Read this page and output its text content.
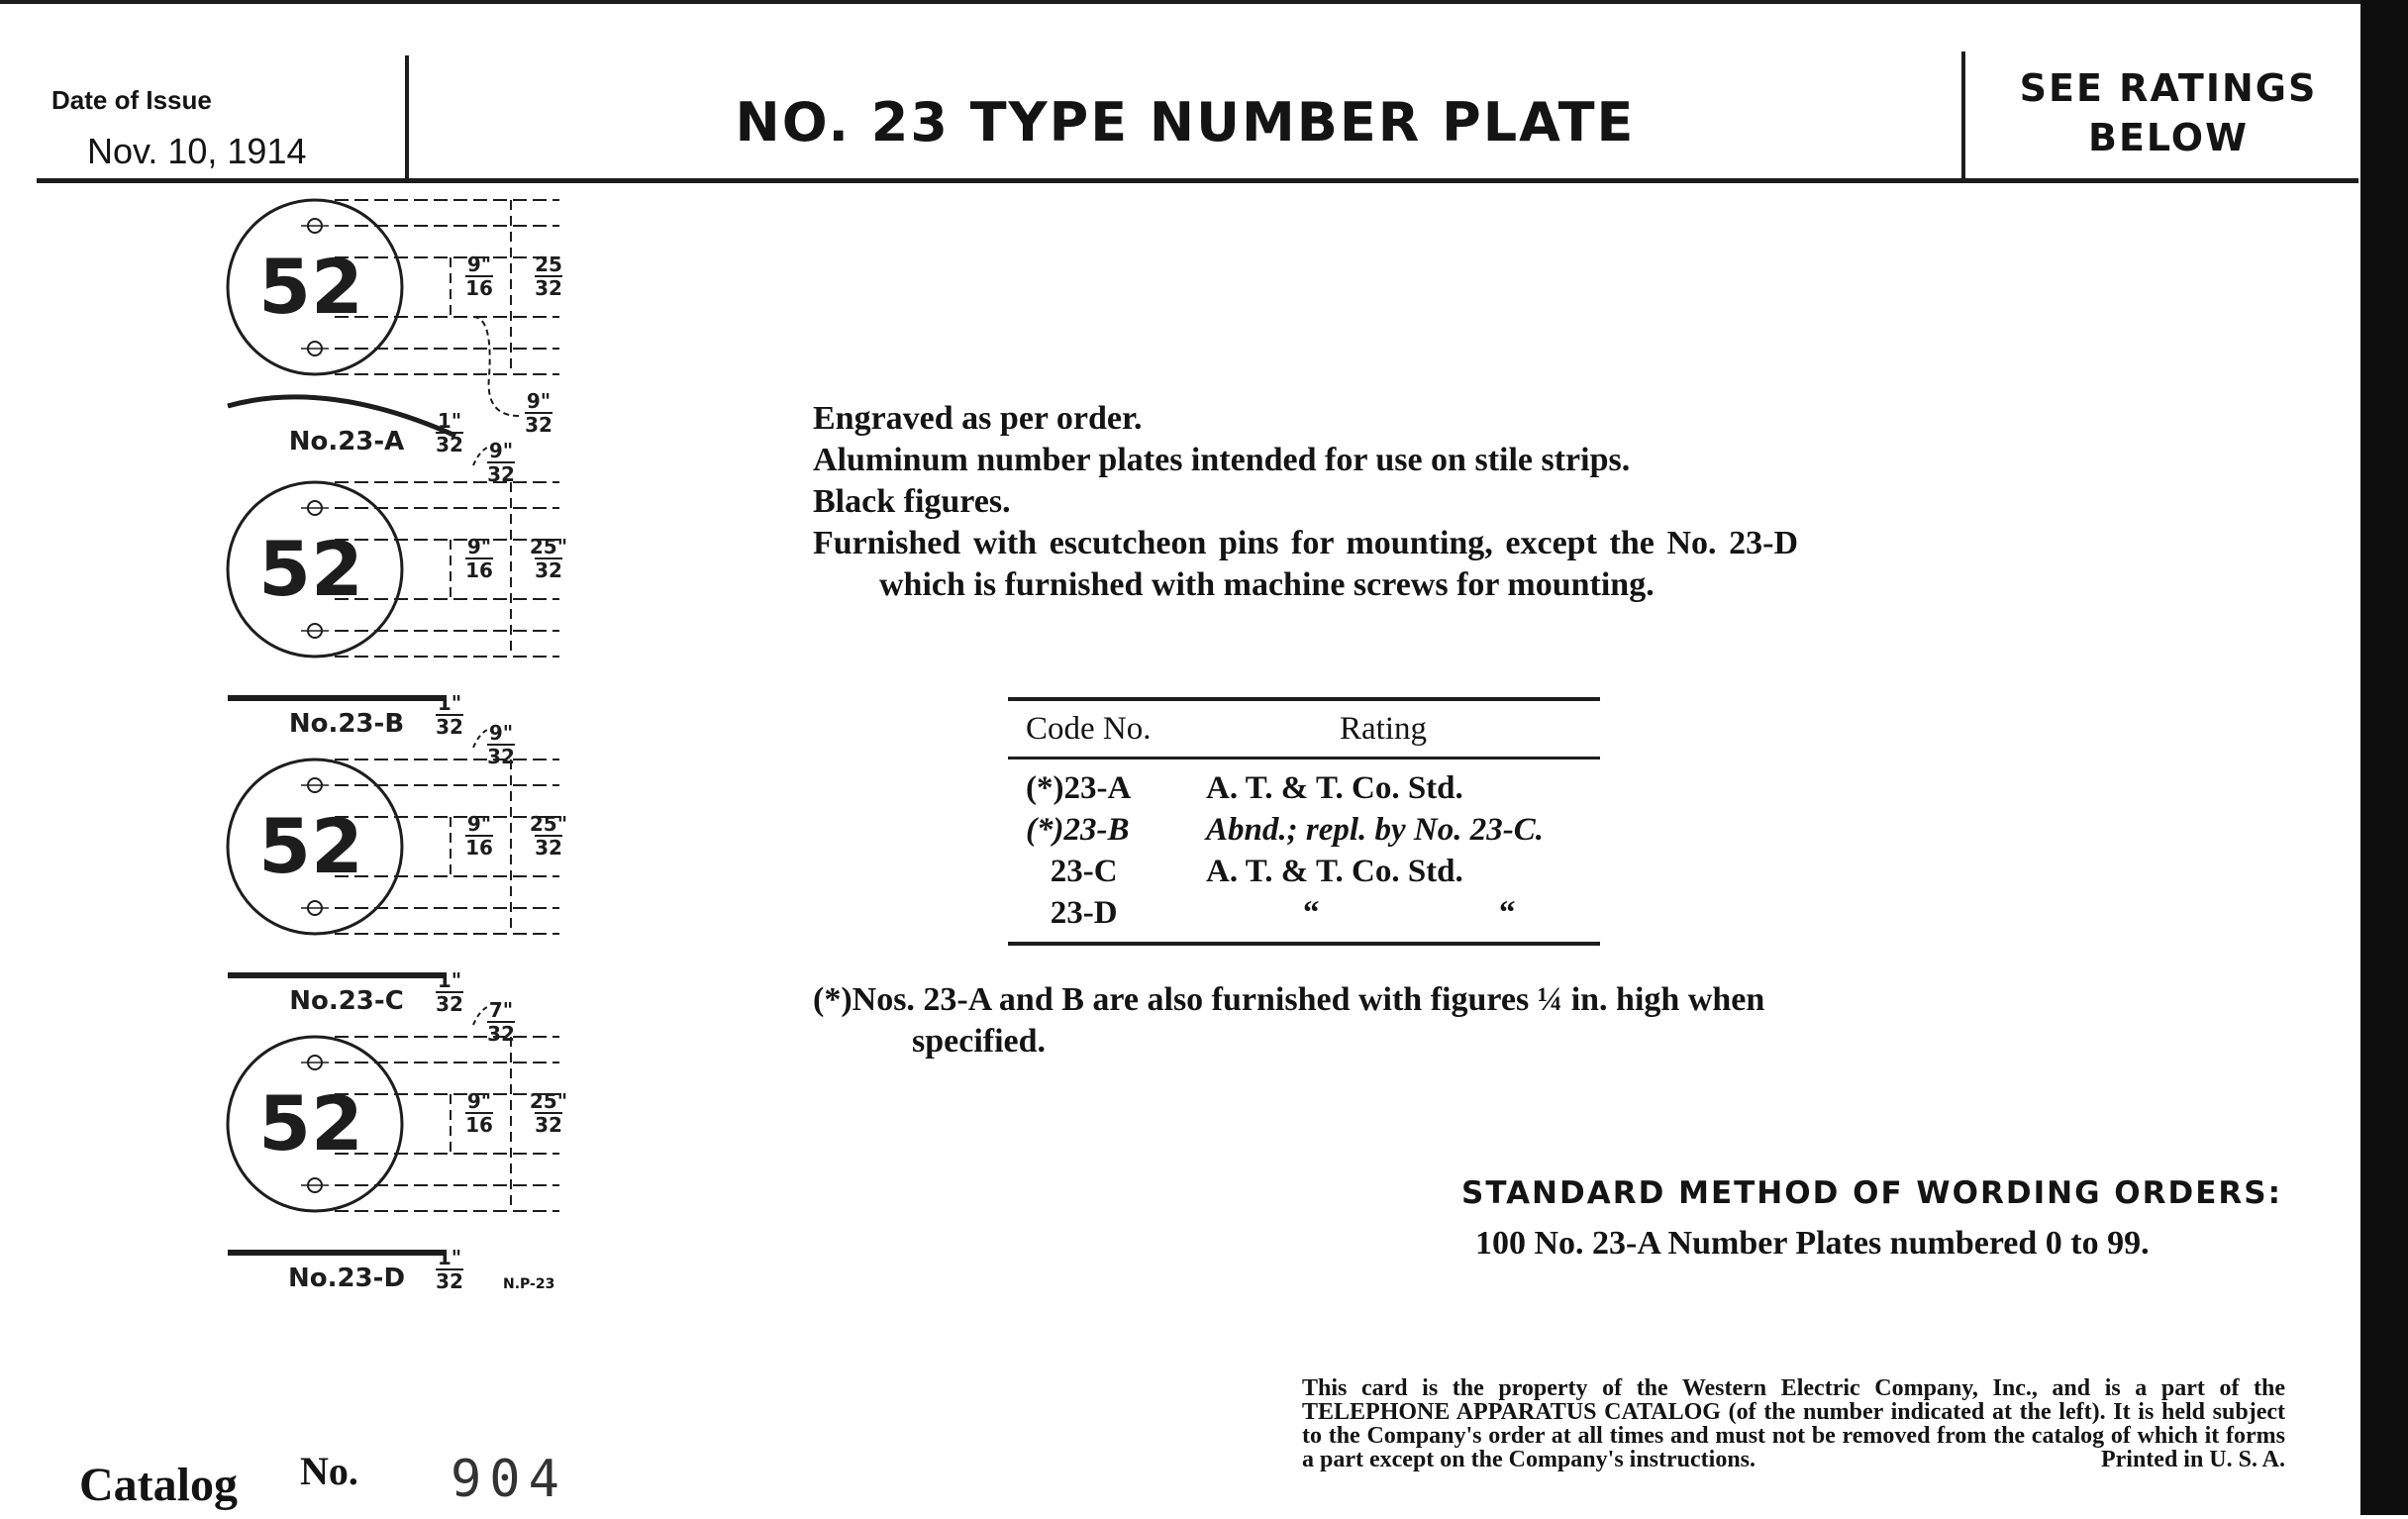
Date of Issue
Nov. 10, 1914	NO. 23 TYPE NUMBER PLATE
SEE RATINGS
BELOW
52	9" 16
25 32
No.23-A
1" 32 9" 32
9" 32
52	9" 16
25" 32
No.23-B
1" 32 9" 32
52	9" 16
25" 32
No.23-C
1" 32 7" 32
52	9" 16
25" 32
No.23-D
1" 32	N.P-23

Engraved as per order.

Aluminum number plates intended for use on stile strips.

Black figures.

Furnished with escutcheon pins for mounting, except the No. 23-D which is furnished with machine screws for mounting.

Code No.	Rating
(*)23-A	A. T. & T. Co. Std.
(*)23-B	Abnd.; repl. by No. 23-C.
23-C	A. T. & T. Co. Std.
23-D	“	“
(*)Nos. 23-A and B are also furnished with figures ¼ in. high when specified.
STANDARD METHOD OF WORDING ORDERS:
100 No. 23-A Number Plates numbered 0 to 99.
This card is the property of the Western Electric Company, Inc., and is a part of the TELEPHONE APPARATUS CATALOG (of the number indicated at the left). It is held subject to the Company's order at all times and must not be removed from the catalog of which it forms a part except on the Company's instructions.	Printed in U. S. A.
Catalog No. 904
